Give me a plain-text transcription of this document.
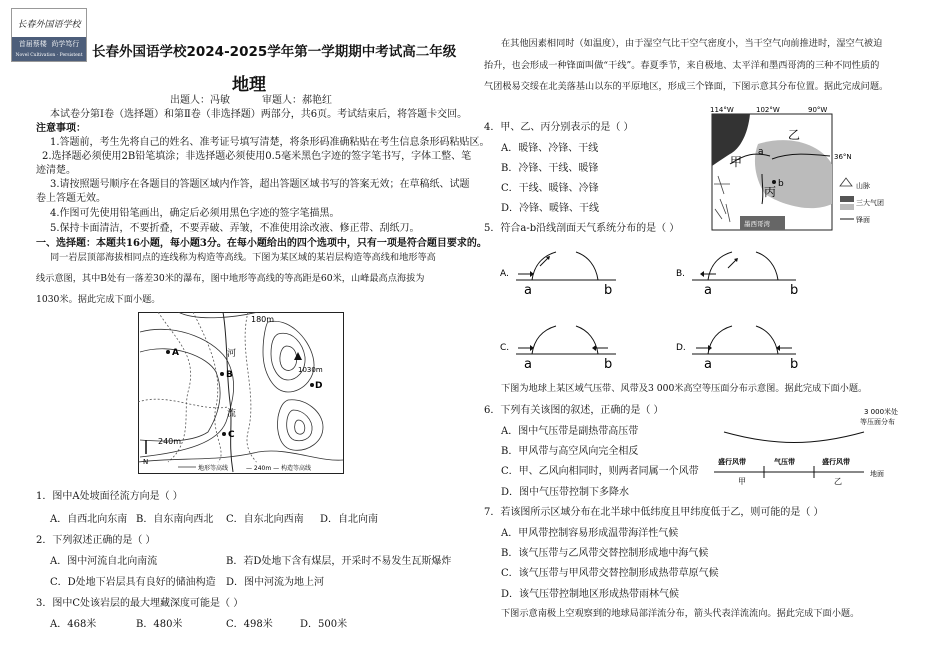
长春外国语学校
首届蔡楼 尚学笃行
Novel Cultivation · Persistent Endeavor
长春外国语学校2024-2025学年第一学期期中考试高二年级
地理
出题人：冯敏	审题人：郝艳红
本试卷分第Ⅰ卷（选择题）和第Ⅱ卷（非选择题）两部分，共6页。考试结束后，将答题卡交回。
注意事项：
1.答题前，考生先将自己的姓名、准考证号填写清楚，将条形码准确粘贴在考生信息条形码粘贴区。
2.选择题必须使用2B铅笔填涂；非选择题必须使用0.5毫米黑色字迹的签字笔书写，字体工整、笔
迹清楚。
3.请按照题号顺序在各题目的答题区域内作答，超出答题区域书写的答案无效；在草稿纸、试题
卷上答题无效。
4.作图可先使用铅笔画出，确定后必须用黑色字迹的签字笔描黑。
5.保持卡面清洁，不要折叠，不要弄破、弄皱，不准使用涂改液、修正带、刮纸刀。
一、选择题：本题共16小题，每小题3分。在每小题给出的四个选项中，只有一项是符合题目要求的。
同一岩层顶部海拔相同点的连线称为构造等高线。下图为某区域的某岩层构造等高线和地形等高
线示意图，其中B处有一落差30米的瀑布，图中地形等高线的等高距是60米，山峰最高点海拔为
1030米。据此完成下面小题。
180m
1030m
240m
河
流
A
B
C
D
N
地形等高线	— 240m — 构造等高线
1．图中A处坡面径流方向是（ ）
A．自西北向东南 B．自东南向西北 C．自东北向西南 D．自北向南
2．下列叙述正确的是（ ）
A．图中河流自北向南流	B．若D处地下含有煤层，开采时不易发生瓦斯爆炸
C．D处地下岩层具有良好的储油构造 D．图中河流为地上河
3．图中C处该岩层的最大埋藏深度可能是（ ）
A．468米	B．480米	C．498米	D．500米
在其他因素相同时（如温度），由于湿空气比干空气密度小，当干空气向前推进时，湿空气被迫
抬升，也会形成一种锋面叫做“干线”。春夏季节，来自极地、太平洋和墨西哥湾的三种不同性质的
气团极易交绥在北美落基山以东的平原地区，形成三个锋面，下图示意其分布位置。据此完成问题。
114°W	102°W	90°W
墨西哥湾
36°N
乙
甲
丙
a
b	山脉
三大气团
锋面
4．甲、乙、丙分别表示的是（ ）
A．暖锋、冷锋、干线
B．冷锋、干线、暖锋
C．干线、暖锋、冷锋
D．冷锋、暖锋、干线
5．符合a-b沿线剖面天气系统分布的是（ ）
A.
a	b
B.
a	b
C.
a	b
D.
a	b
下图为地球上某区域气压带、风带及3 000米高空等压面分布示意图。据此完成下面小题。
3 000米处
等压面分布
盛行风带	气压带	盛行风带
甲	乙
地面
6．下列有关该图的叙述，正确的是（ ）
A．图中气压带是副热带高压带
B．甲风带与高空风向完全相反
C．甲、乙风向相同时，则两者同属一个风带
D．图中气压带控制下多降水
7．若该图所示区域分布在北半球中低纬度且甲纬度低于乙，则可能的是（ ）
A．甲风带控制容易形成温带海洋性气候
B．该气压带与乙风带交替控制形成地中海气候
C．该气压带与甲风带交替控制形成热带草原气候
D．该气压带控制地区形成热带雨林气候
下图示意南极上空观察到的地球局部洋流分布，箭头代表洋流流向。据此完成下面小题。
